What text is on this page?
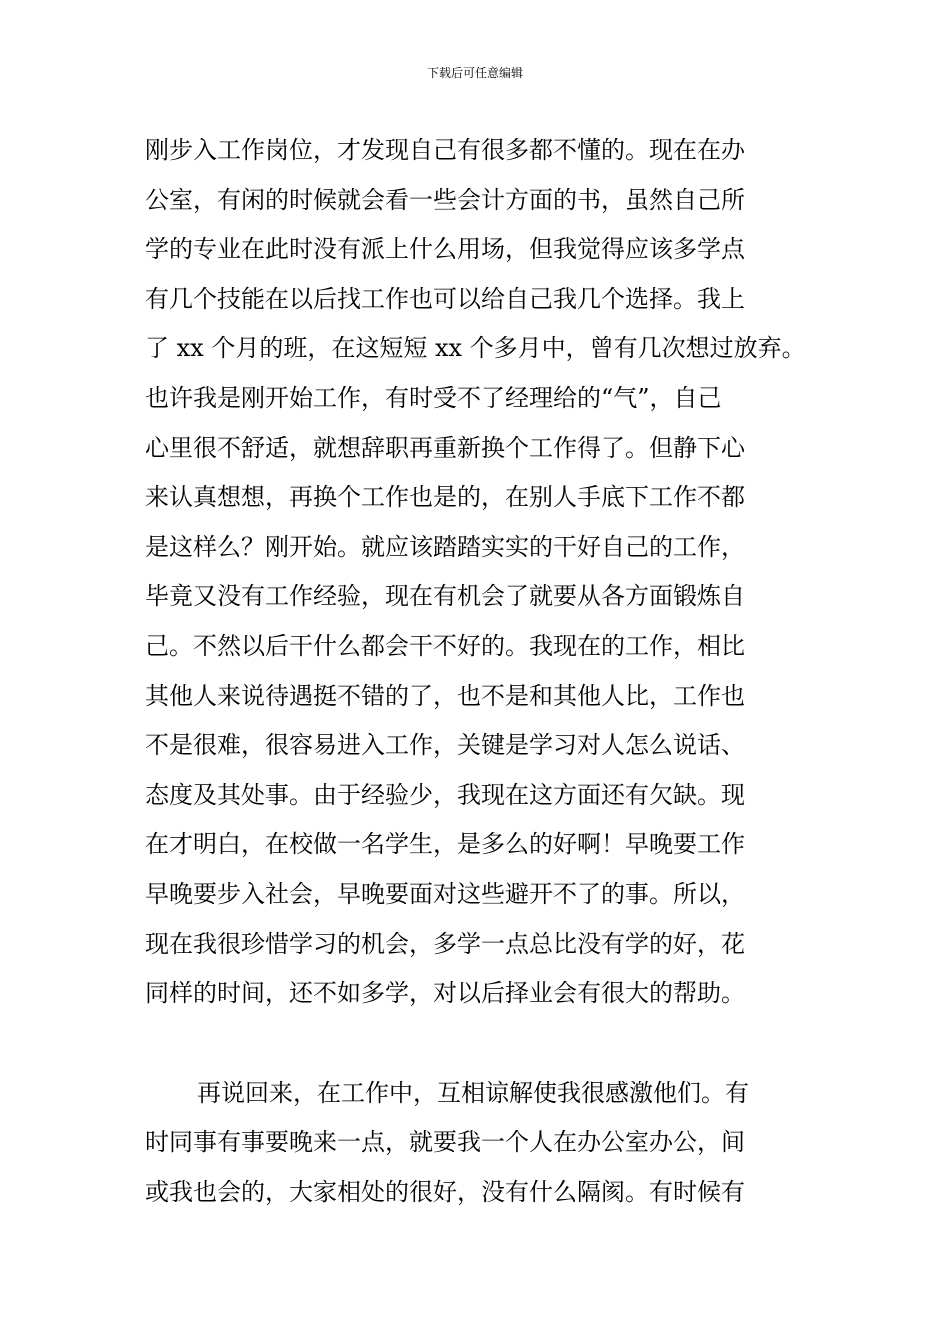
下载后可任意编辑
刚步入工作岗位，才发现自己有很多都不懂的。现在在办
公室，有闲的时候就会看一些会计方面的书，虽然自己所
学的专业在此时没有派上什么用场，但我觉得应该多学点
有几个技能在以后找工作也可以给自己我几个选择。我上
了 xx 个月的班，在这短短 xx 个多月中，曾有几次想过放弃。
也许我是刚开始工作，有时受不了经理给的“气”，自己
心里很不舒适，就想辞职再重新换个工作得了。但静下心
来认真想想，再换个工作也是的，在别人手底下工作不都
是这样么？刚开始。就应该踏踏实实的干好自己的工作，
毕竟又没有工作经验，现在有机会了就要从各方面锻炼自
己。不然以后干什么都会干不好的。我现在的工作，相比
其他人来说待遇挺不错的了，也不是和其他人比，工作也
不是很难，很容易进入工作，关键是学习对人怎么说话、
态度及其处事。由于经验少，我现在这方面还有欠缺。现
在才明白，在校做一名学生，是多么的好啊！早晚要工作
早晚要步入社会，早晚要面对这些避开不了的事。所以，
现在我很珍惜学习的机会，多学一点总比没有学的好，花
同样的时间，还不如多学，对以后择业会有很大的帮助。
再说回来，在工作中，互相谅解使我很感激他们。有
时同事有事要晚来一点，就要我一个人在办公室办公，间
或我也会的，大家相处的很好，没有什么隔阂。有时候有
